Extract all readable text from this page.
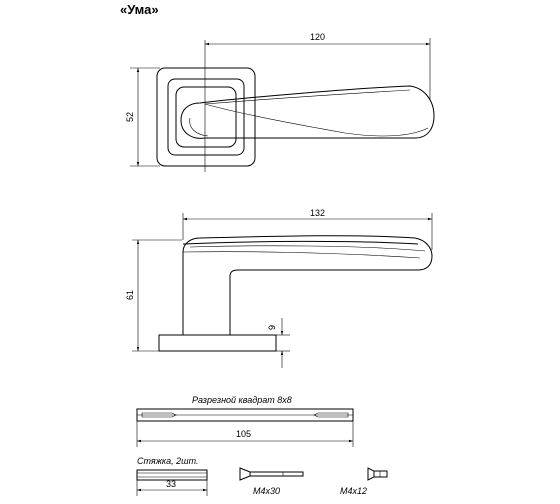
«Ума»
120
52
132
61
9
Разрезной квадрат 8х8
105
Стяжка, 2шт.
33
M4x30	M4x12
